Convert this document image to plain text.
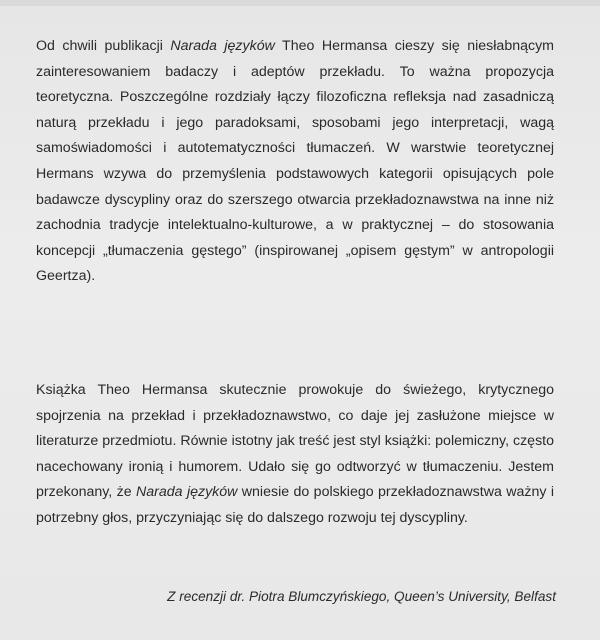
Od chwili publikacji Narada języków Theo Hermansa cieszy się niesłabnącym zainteresowaniem badaczy i adeptów przekładu. To ważna propozycja teoretyczna. Poszczególne rozdziały łączy filozoficzna refleksja nad zasadniczą naturą przekładu i jego paradoksami, sposobami jego interpretacji, wagą samoświadomości i autotematyczności tłumaczeń. W warstwie teoretycznej Hermans wzywa do przemyślenia podstawowych kategorii opisujących pole badawcze dyscypliny oraz do szerszego otwarcia przekładoznawstwa na inne niż zachodnia tradycje intelektualno-kulturowe, a w praktycznej – do stosowania koncepcji „tłumaczenia gęstego” (inspirowanej „opisem gęstym” w antropologii Geertza).

Książka Theo Hermansa skutecznie prowokuje do świeżego, krytycznego spojrzenia na przekład i przekładoznawstwo, co daje jej zasłużone miejsce w literaturze przedmiotu. Równie istotny jak treść jest styl książki: polemiczny, często nacechowany ironią i humorem. Udało się go odtworzyć w tłumaczeniu. Jestem przekonany, że Narada języków wniesie do polskiego przekładoznawstwa ważny i potrzebny głos, przyczyniając się do dalszego rozwoju tej dyscypliny.

Z recenzji dr. Piotra Blumczyńskiego, Queen’s University, Belfast
